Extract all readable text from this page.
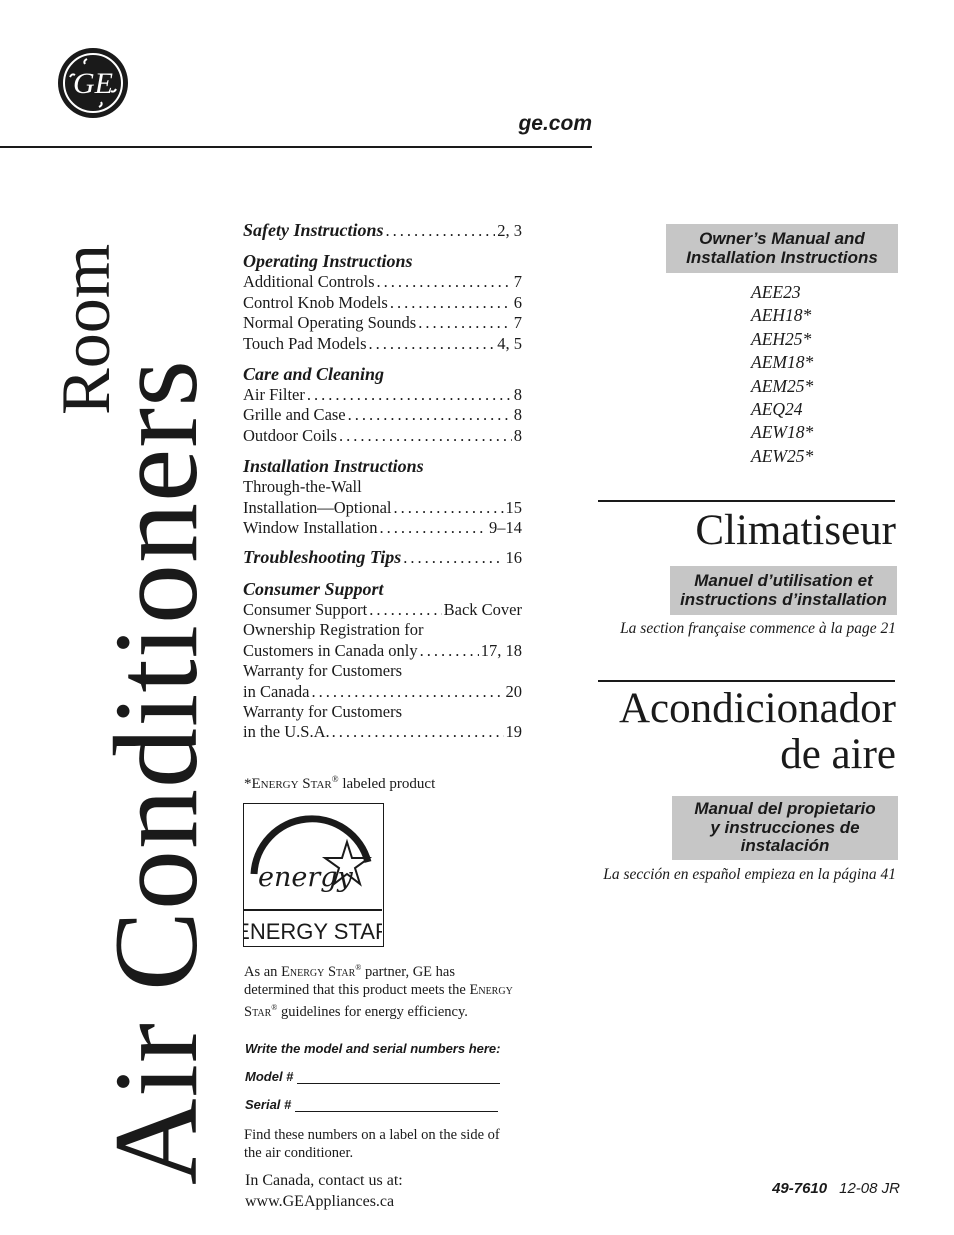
GE
ge.com
Room
Air Conditioners
Safety Instructions .....	2, 3
Operating Instructions
Additional Controls .....	7
Control Knob Models .....	6
Normal Operating Sounds .....	7
Touch Pad Models .....	4, 5
Care and Cleaning
Air Filter .....	8
Grille and Case .....	8
Outdoor Coils .....	8
Installation Instructions
Through-the-Wall
Installation—Optional .....	15
Window Installation .....	9–14
Troubleshooting Tips .....	16
Consumer Support
Consumer Support .....	Back Cover
Ownership Registration for
Customers in Canada only .....	17, 18
Warranty for Customers
in Canada .....	20
Warranty for Customers
in the U.S.A. .....	19
*Energy Star® labeled product
energy
ENERGY STA
As an Energy Star® partner, GE has determined that this product meets the Energy Star® guidelines for energy efficiency.
Write the model and serial numbers here:
Model #
Serial #
Find these numbers on a label on the side of the air conditioner.
In Canada, contact us at:
www.GEAppliances.ca
Owner’s Manual and
Installation Instructions
AEE23
AEH18*
AEH25*
AEM18*
AEM25*
AEQ24
AEW18*
AEW25*
Climatiseur
Manuel d’utilisation et
instructions d’installation
La section française commence à la page 21
Acondicionador
de aire
Manual del propietario
y instrucciones de
instalación
La sección en español empieza en la página 41
49-7610 12-08 JR
